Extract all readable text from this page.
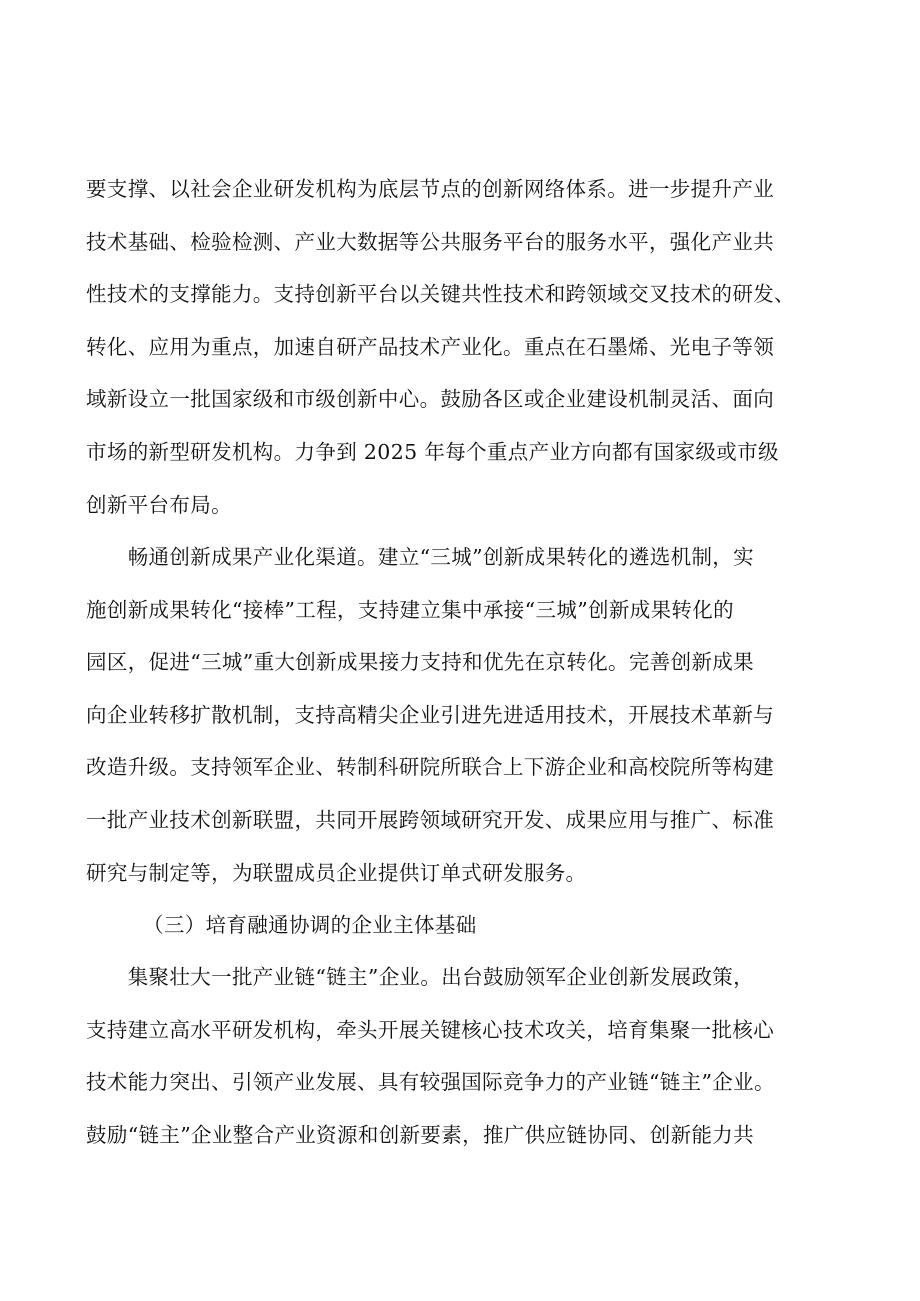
要支撑、以社会企业研发机构为底层节点的创新网络体系。进一步提升产业
技术基础、检验检测、产业大数据等公共服务平台的服务水平，强化产业共
性技术的支撑能力。支持创新平台以关键共性技术和跨领域交叉技术的研发、
转化、应用为重点，加速自研产品技术产业化。重点在石墨烯、光电子等领
域新设立一批国家级和市级创新中心。鼓励各区或企业建设机制灵活、面向
市场的新型研发机构。力争到 2025 年每个重点产业方向都有国家级或市级
创新平台布局。

　　畅通创新成果产业化渠道。建立“三城”创新成果转化的遴选机制，实
施创新成果转化“接棒”工程，支持建立集中承接“三城”创新成果转化的
园区，促进“三城”重大创新成果接力支持和优先在京转化。完善创新成果
向企业转移扩散机制，支持高精尖企业引进先进适用技术，开展技术革新与
改造升级。支持领军企业、转制科研院所联合上下游企业和高校院所等构建
一批产业技术创新联盟，共同开展跨领域研究开发、成果应用与推广、标准
研究与制定等，为联盟成员企业提供订单式研发服务。

（三）培育融通协调的企业主体基础

　　集聚壮大一批产业链“链主”企业。出台鼓励领军企业创新发展政策，
支持建立高水平研发机构，牵头开展关键核心技术攻关，培育集聚一批核心
技术能力突出、引领产业发展、具有较强国际竞争力的产业链“链主”企业。
鼓励“链主”企业整合产业资源和创新要素，推广供应链协同、创新能力共
